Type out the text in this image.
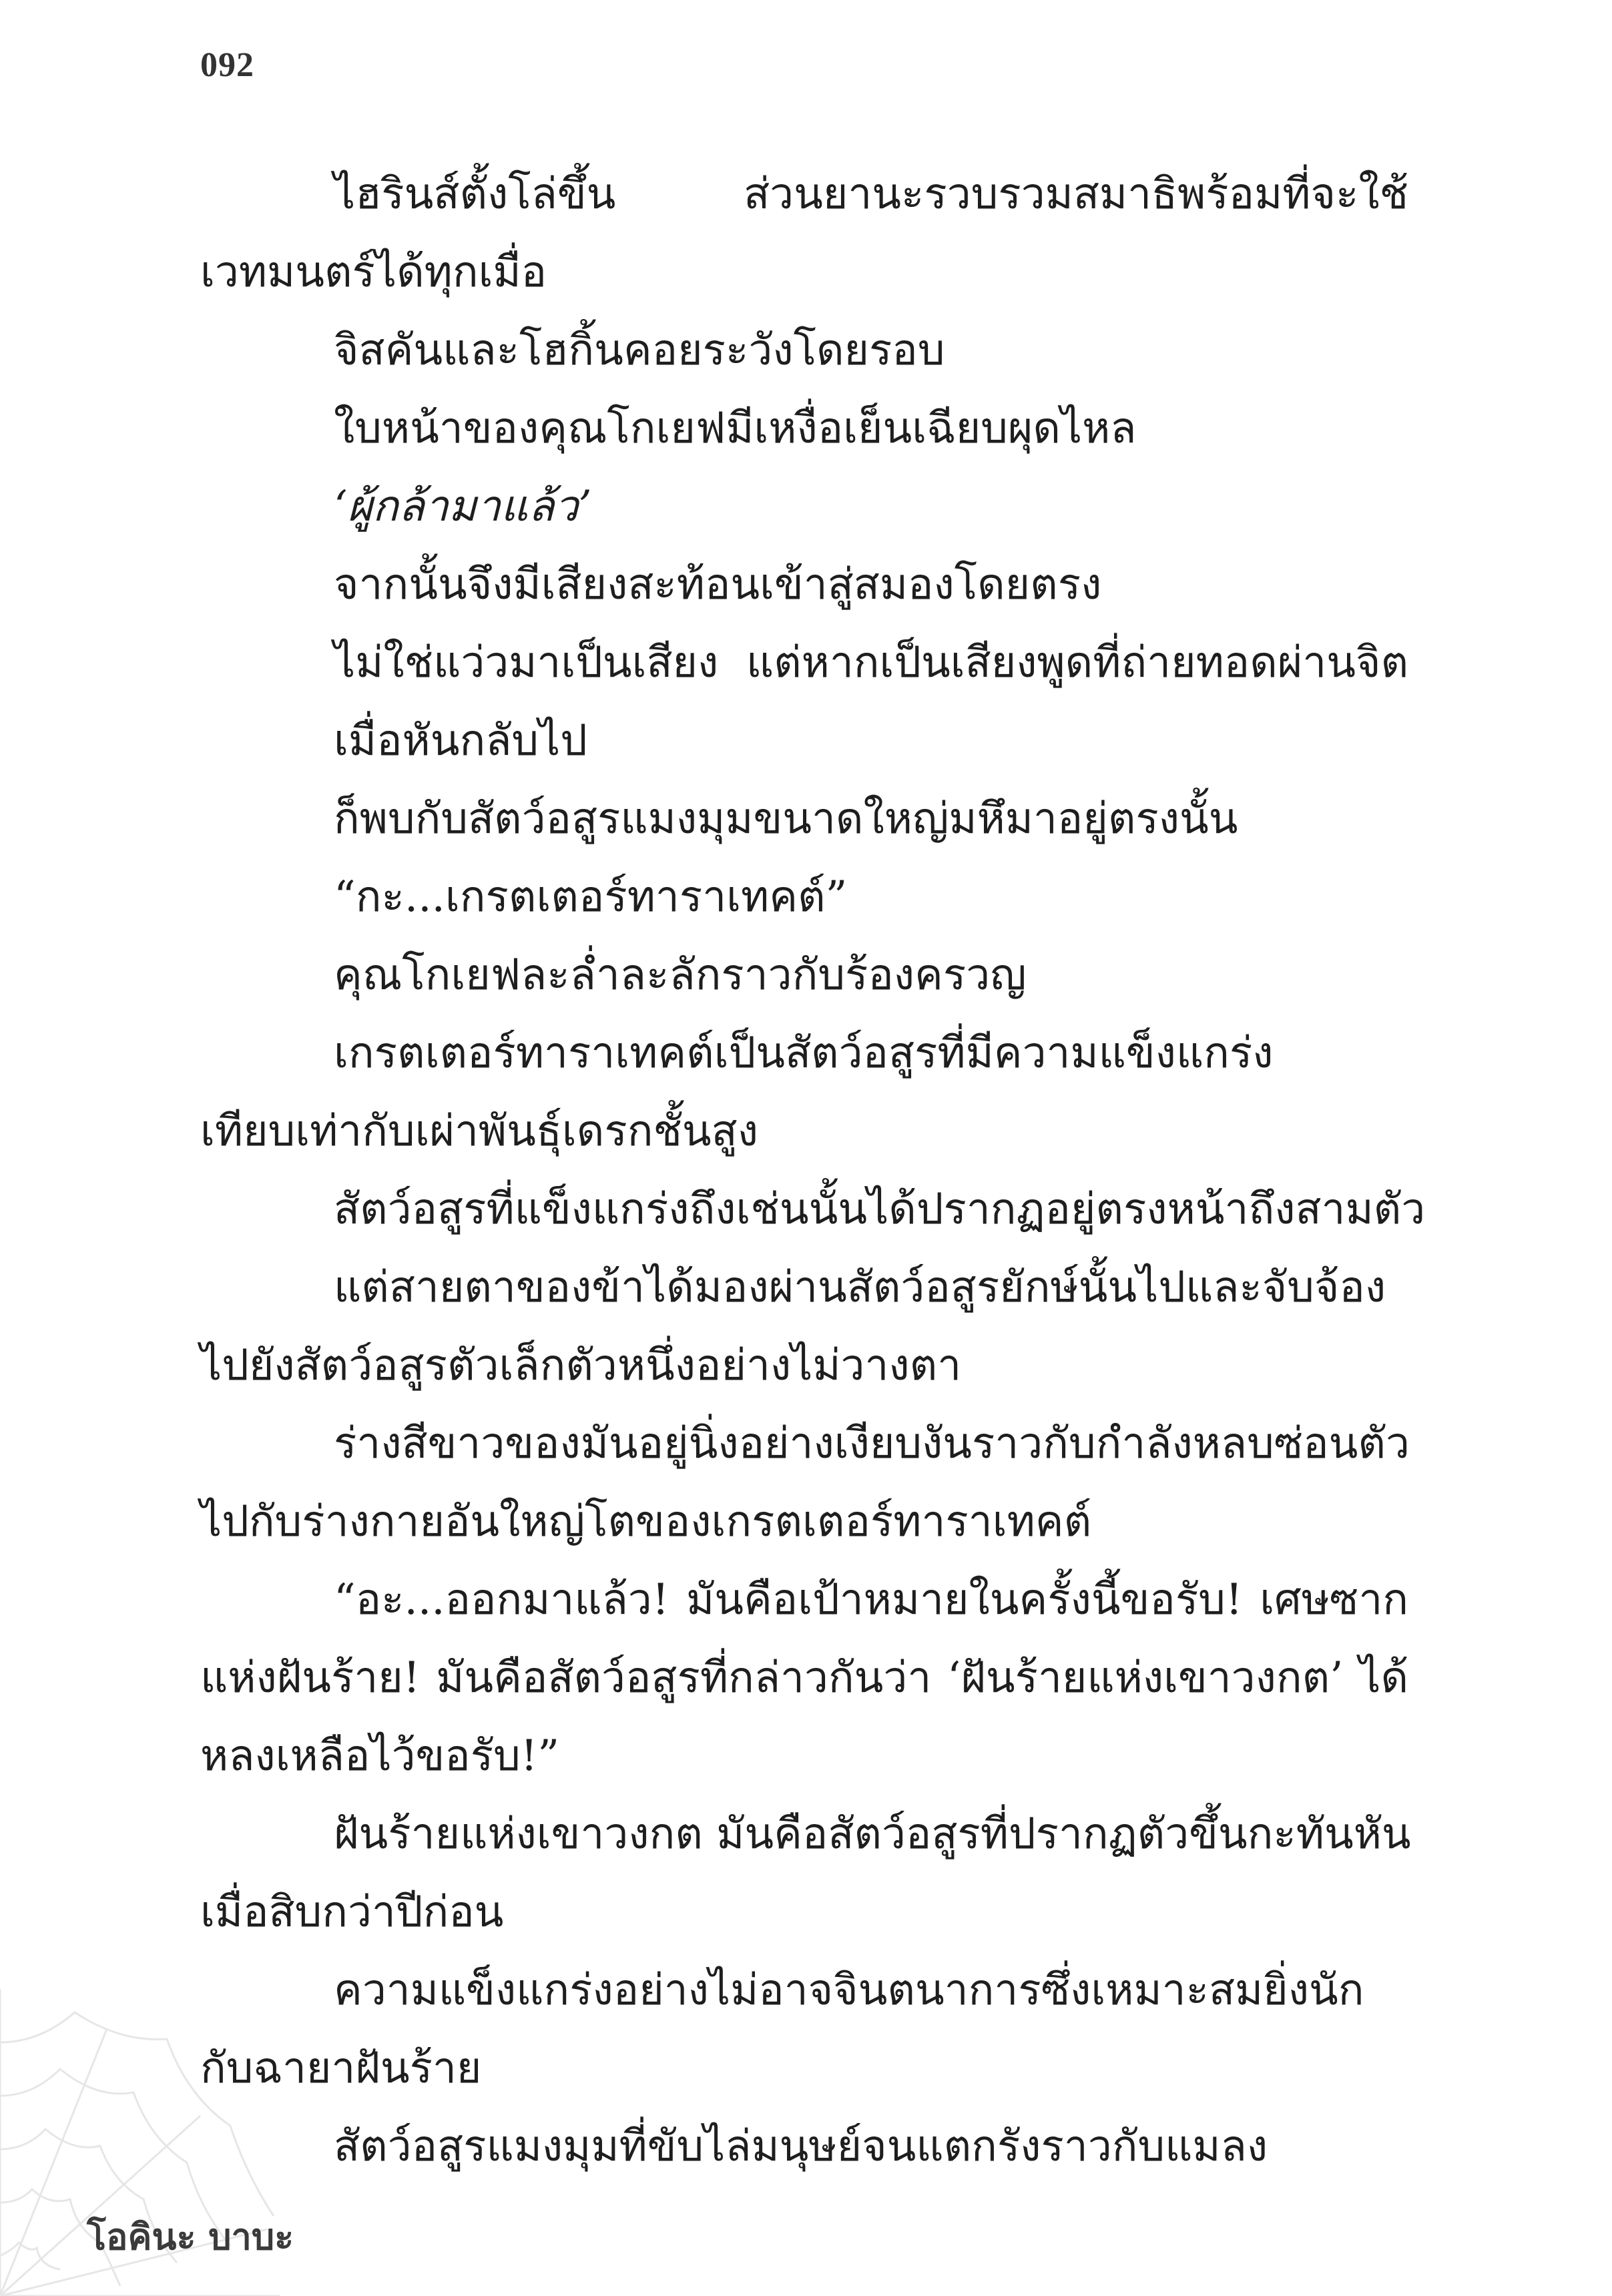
092
ไฮรินส์ตั้งโล่ขึ้น ส่วนยานะรวบรวมสมาธิพร้อมที่จะใช้
เวทมนตร์ได้ทุกเมื่อ
จิสคันและโฮกิ้นคอยระวังโดยรอบ
ใบหน้าของคุณโกเยฟมีเหงื่อเย็นเฉียบผุดไหล
‘ผู้กล้ามาแล้ว’
จากนั้นจึงมีเสียงสะท้อนเข้าสู่สมองโดยตรง
ไม่ใช่แว่วมาเป็นเสียง แต่หากเป็นเสียงพูดที่ถ่ายทอดผ่านจิต
เมื่อหันกลับไป
ก็พบกับสัตว์อสูรแมงมุมขนาดใหญ่มหึมาอยู่ตรงนั้น
“กะ...เกรตเตอร์ทาราเทคต์”
คุณโกเยฟละล่ำละลักราวกับร้องครวญ
เกรตเตอร์ทาราเทคต์เป็นสัตว์อสูรที่มีความแข็งแกร่ง
เทียบเท่ากับเผ่าพันธุ์เดรกชั้นสูง
สัตว์อสูรที่แข็งแกร่งถึงเช่นนั้นได้ปรากฏอยู่ตรงหน้าถึงสามตัว
แต่สายตาของข้าได้มองผ่านสัตว์อสูรยักษ์นั้นไปและจับจ้อง
ไปยังสัตว์อสูรตัวเล็กตัวหนึ่งอย่างไม่วางตา
ร่างสีขาวของมันอยู่นิ่งอย่างเงียบงันราวกับกำลังหลบซ่อนตัว
ไปกับร่างกายอันใหญ่โตของเกรตเตอร์ทาราเทคต์
“อะ...ออกมาแล้ว! มันคือเป้าหมายในครั้งนี้ขอรับ! เศษซาก
แห่งฝันร้าย! มันคือสัตว์อสูรที่กล่าวกันว่า ‘ฝันร้ายแห่งเขาวงกต’ ได้
หลงเหลือไว้ขอรับ!”
ฝันร้ายแห่งเขาวงกต มันคือสัตว์อสูรที่ปรากฏตัวขึ้นกะทันหัน
เมื่อสิบกว่าปีก่อน
ความแข็งแกร่งอย่างไม่อาจจินตนาการซึ่งเหมาะสมยิ่งนัก
กับฉายาฝันร้าย
สัตว์อสูรแมงมุมที่ขับไล่มนุษย์จนแตกรังราวกับแมลง
โอคินะ บาบะ
